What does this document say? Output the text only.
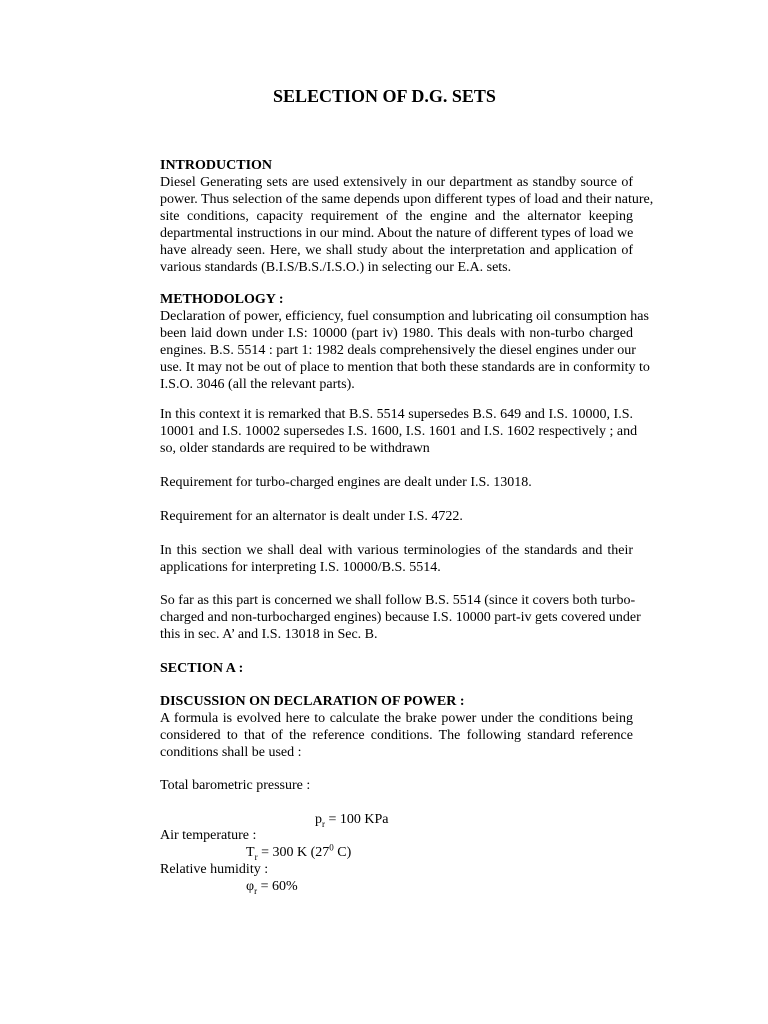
SELECTION OF D.G. SETS
INTRODUCTION
Diesel Generating sets are used extensively in our department as standby source of
power. Thus selection of the same depends upon different types of load and their nature,
site conditions, capacity requirement of the engine and the alternator keeping
departmental instructions in our mind. About the nature of different types of load we
have already seen. Here, we shall study about the interpretation and application of
various standards (B.I.S/B.S./I.S.O.) in selecting our E.A. sets.
METHODOLOGY :
Declaration of power, efficiency, fuel consumption and lubricating oil consumption has
been laid down under I.S: 10000 (part iv) 1980. This deals with non-turbo charged
engines. B.S. 5514 : part 1: 1982 deals comprehensively the diesel engines under our
use. It may not be out of place to mention that both these standards are in conformity to
I.S.O. 3046 (all the relevant parts).
In this context it is remarked that B.S. 5514 supersedes B.S. 649 and I.S. 10000, I.S.
10001 and I.S. 10002 supersedes I.S. 1600, I.S. 1601 and I.S. 1602 respectively ; and
so, older standards are required to be withdrawn
Requirement for turbo-charged engines are dealt under I.S. 13018.
Requirement for an alternator is dealt under I.S. 4722.
In this section we shall deal with various terminologies of the standards and their
applications for interpreting I.S. 10000/B.S. 5514.
So far as this part is concerned we shall follow B.S. 5514 (since it covers both turbo-
charged and non-turbocharged engines) because I.S. 10000 part-iv gets covered under
this in sec. A’ and I.S. 13018 in Sec. B.
SECTION A :
DISCUSSION ON DECLARATION OF POWER :
A formula is evolved here to calculate the brake power under the conditions being
considered to that of the reference conditions. The following standard reference
conditions shall be used :
Total barometric pressure :
$p_r = 100$ KPa
Air temperature :
$T_r = 300$ K ($27^0$ C)
Relative humidity :
$\varphi_r = 60\%$
